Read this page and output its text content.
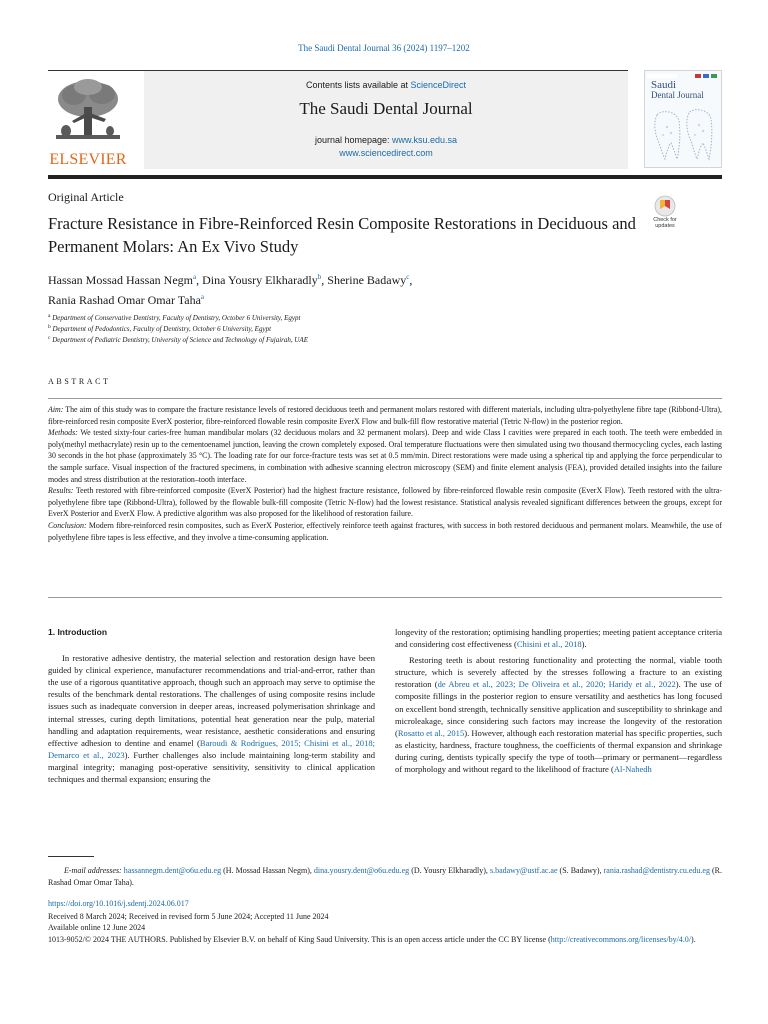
The Saudi Dental Journal 36 (2024) 1197–1202
ELSEVIER
Contents lists available at ScienceDirect
The Saudi Dental Journal
journal homepage: www.ksu.edu.sa
www.sciencedirect.com
Saudi
Dental Journal
Original Article
Check for updates
Fracture Resistance in Fibre-Reinforced Resin Composite Restorations in Deciduous and Permanent Molars: An Ex Vivo Study
Hassan Mossad Hassan Negm$^a$, Dina Yousry Elkharadly$^b$, Sherine Badawy$^c$,
Rania Rashad Omar Omar Taha$^a$
$^a$ Department of Conservative Dentistry, Faculty of Dentistry, October 6 University, Egypt
$^b$ Department of Pedodontics, Faculty of Dentistry, October 6 University, Egypt
$^c$ Department of Pediatric Dentistry, University of Science and Technology of Fujairah, UAE
ABSTRACT

Aim: The aim of this study was to compare the fracture resistance levels of restored deciduous teeth and permanent molars restored with different materials, including ultra-polyethylene fibre tape (Ribbond-Ultra), fibre-reinforced resin composite EverX posterior, fibre-reinforced flowable resin composite EverX Flow and bulk-fill flow restorative material (Tetric N-flow) in the posterior region.

Methods: We tested sixty-four caries-free human mandibular molars (32 deciduous molars and 32 permanent molars). Deep and wide Class I cavities were prepared in each tooth. The teeth were embedded in poly(methyl methacrylate) resin up to the cementoenamel junction, leaving the crown completely exposed. Oral temperature fluctuations were then simulated using two thousand thermocycling cycles, each lasting 30 seconds in the hot phase (approximately 35 °C). The loading rate for our force-fracture tests was set at 0.5 mm/min. Direct restorations were made using a spherical tip and applying the force perpendicular to the sample surface. Visual inspection of the fractured specimens, in combination with adhesive scanning electron microscopy (SEM) and finite element analysis (FEA), provided detailed insights into the failure modes and stress distribution at the restoration–tooth interface.

Results: Teeth restored with fibre-reinforced composite (EverX Posterior) had the highest fracture resistance, followed by fibre-reinforced flowable resin composite (EverX Flow). Teeth restored with the ultra- polyethylene fibre tape (Ribbond-Ultra), followed by the flowable bulk-fill composite (Tetric N-flow) had the lowest resistance. Statistical analysis revealed significant differences between the groups, except for EverX Posterior and EverX Flow. A predictive algorithm was also proposed for the likelihood of restoration failure.

Conclusion: Modern fibre-reinforced resin composites, such as EverX Posterior, effectively reinforce teeth against fractures, with success in both restored deciduous and permanent molars. Meanwhile, the use of polyethylene fibre tapes is less effective, and they involve a time-consuming application.

1. Introduction

In restorative adhesive dentistry, the material selection and restoration design have been guided by clinical experience, manufacturer recommendations and trial-and-error, rather than the use of a rigorous quantitative approach, though such an approach may serve to optimise the results of the benchmark dental restorations. The challenges of using composite resins include issues such as inadequate conversion in deeper areas, increased polymerisation shrinkage and internal stresses, curing depth limitations, potential heat generation near the pulp, material handling and adaptation requirements, wear resistance, aesthetic considerations and ensuring effective adhesion to dentine and enamel (Baroudi & Rodrigues, 2015; Chisini et al., 2018; Demarco et al., 2023). Further challenges also include maintaining long-term stability and marginal integrity; managing post-operative sensitivity, sensitivity to clinical application techniques and thermal expansion; ensuring the

longevity of the restoration; optimising handling properties; meeting patient acceptance criteria and considering cost effectiveness (Chisini et al., 2018).

Restoring teeth is about restoring functionality and protecting the normal, viable tooth structure, which is severely affected by the stresses following a fracture to an existing restoration (de Abreu et al., 2023; De Oliveira et al., 2020; Haridy et al., 2022). The use of composite fillings in the posterior region to ensure versatility and aesthetics has long focused on excellent bond strength, technically sensitive application and susceptibility to shrinkage and microleakage, since considering such factors may increase the longevity of the restoration (Rosatto et al., 2015). However, although each restoration material has specific properties, such as elasticity, hardness, fracture toughness, the coefficients of thermal expansion and shrinkage during curing, dentists typically specify the type of tooth—primary or permanent—regardless of morphology and without regard to the likelihood of fracture (Al-Nahedh

E-mail addresses: hassannegm.dent@o6u.edu.eg (H. Mossad Hassan Negm), dina.yousry.dent@o6u.edu.eg (D. Yousry Elkharadly), s.badawy@ustf.ac.ae (S. Badawy), rania.rashad@dentistry.cu.edu.eg (R. Rashad Omar Omar Taha).
https://doi.org/10.1016/j.sdentj.2024.06.017
Received 8 March 2024; Received in revised form 5 June 2024; Accepted 11 June 2024
Available online 12 June 2024
1013-9052/© 2024 THE AUTHORS. Published by Elsevier B.V. on behalf of King Saud University. This is an open access article under the CC BY license (http://creativecommons.org/licenses/by/4.0/).
